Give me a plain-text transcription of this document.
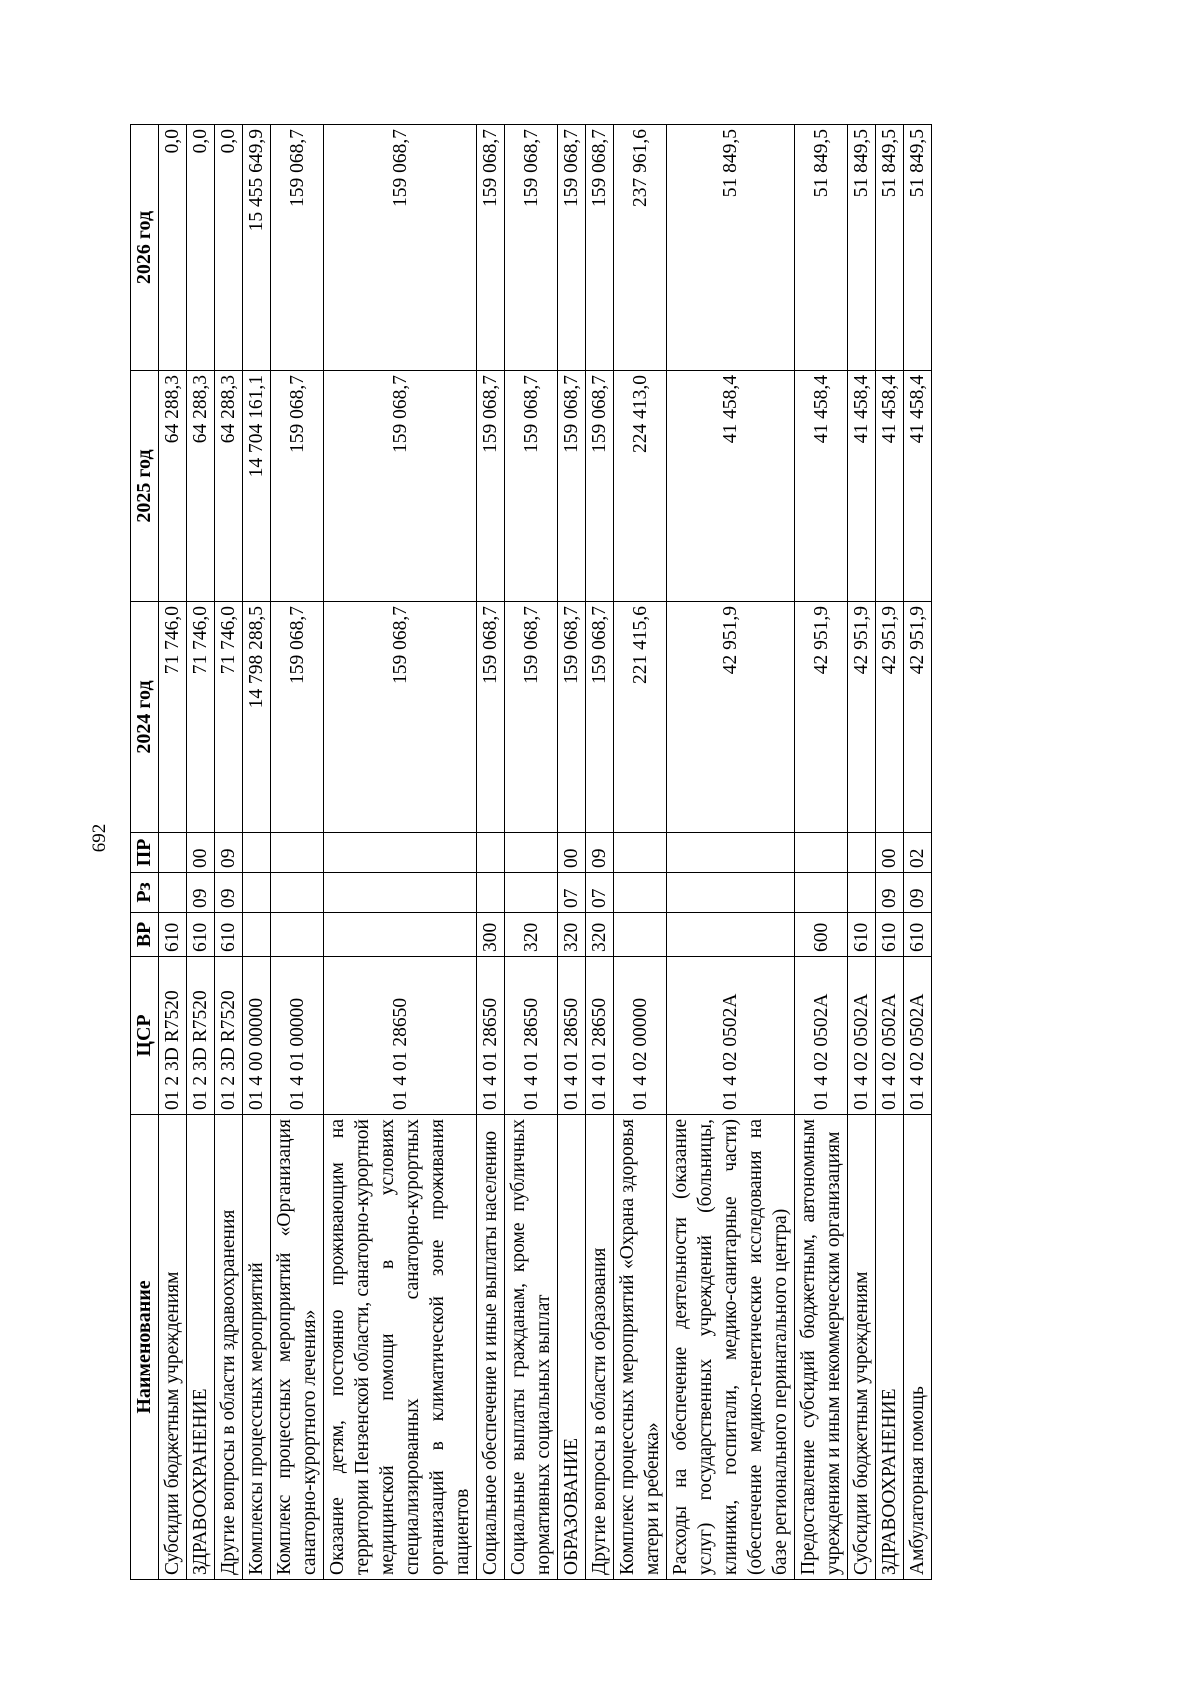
692
Наименование	ЦСР	ВР	Рз	ПР	2024 год	2025 год	2026 год
Субсидии бюджетным учреждениям	01 2 3D R7520	610			71 746,0	64 288,3	0,0
ЗДРАВООХРАНЕНИЕ	01 2 3D R7520	610	09	00	71 746,0	64 288,3	0,0
Другие вопросы в области здравоохранения	01 2 3D R7520	610	09	09	71 746,0	64 288,3	0,0
Комплексы процессных мероприятий	01 4 00 00000				14 798 288,5	14 704 161,1	15 455 649,9
Комплекс процессных мероприятий «Организация санаторно-курортного лечения»	01 4 01 00000				159 068,7	159 068,7	159 068,7
Оказание детям, постоянно проживающим на территории Пензенской области, санаторно-курортной медицинской помощи в условиях специализированных санаторно-курортных организаций в климатической зоне проживания пациентов	01 4 01 28650				159 068,7	159 068,7	159 068,7
Социальное обеспечение и иные выплаты населению	01 4 01 28650	300			159 068,7	159 068,7	159 068,7
Социальные выплаты гражданам, кроме публичных нормативных социальных выплат	01 4 01 28650	320			159 068,7	159 068,7	159 068,7
ОБРАЗОВАНИЕ	01 4 01 28650	320	07	00	159 068,7	159 068,7	159 068,7
Другие вопросы в области образования	01 4 01 28650	320	07	09	159 068,7	159 068,7	159 068,7
Комплекс процессных мероприятий «Охрана здоровья матери и ребенка»	01 4 02 00000				221 415,6	224 413,0	237 961,6
Расходы на обеспечение деятельности (оказание услуг) государственных учреждений (больницы, клиники, госпитали, медико-санитарные части) (обеспечение медико-генетические исследования на базе регионального перинатального центра)	01 4 02 0502A				42 951,9	41 458,4	51 849,5
Предоставление субсидий бюджетным, автономным учреждениям и иным некоммерческим организациям	01 4 02 0502A	600			42 951,9	41 458,4	51 849,5
Субсидии бюджетным учреждениям	01 4 02 0502A	610			42 951,9	41 458,4	51 849,5
ЗДРАВООХРАНЕНИЕ	01 4 02 0502A	610	09	00	42 951,9	41 458,4	51 849,5
Амбулаторная помощь	01 4 02 0502A	610	09	02	42 951,9	41 458,4	51 849,5
